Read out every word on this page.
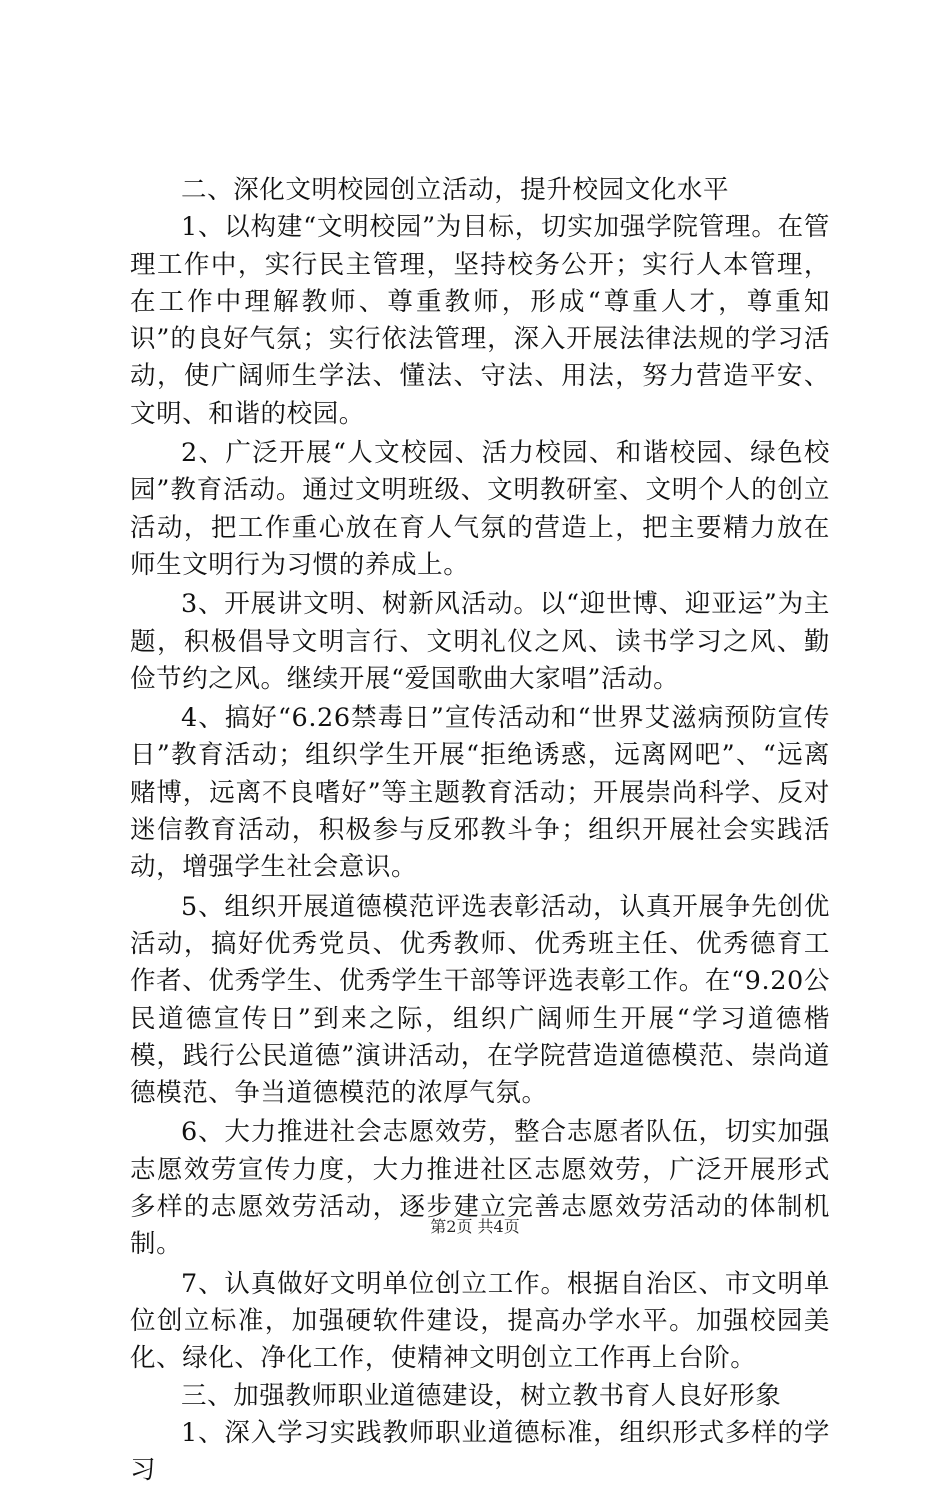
二、深化文明校园创立活动，提升校园文化水平

1、以构建“文明校园”为目标，切实加强学院管理。在管理工作中，实行民主管理，坚持校务公开；实行人本管理，在工作中理解教师、尊重教师，形成“尊重人才，尊重知识”的良好气氛；实行依法管理，深入开展法律法规的学习活动，使广阔师生学法、懂法、守法、用法，努力营造平安、文明、和谐的校园。

2、广泛开展“人文校园、活力校园、和谐校园、绿色校园”教育活动。通过文明班级、文明教研室、文明个人的创立活动，把工作重心放在育人气氛的营造上，把主要精力放在师生文明行为习惯的养成上。

3、开展讲文明、树新风活动。以“迎世博、迎亚运”为主题，积极倡导文明言行、文明礼仪之风、读书学习之风、勤俭节约之风。继续开展“爱国歌曲大家唱”活动。

4、搞好“6.26禁毒日”宣传活动和“世界艾滋病预防宣传日”教育活动；组织学生开展“拒绝诱惑，远离网吧”、“远离赌博，远离不良嗜好”等主题教育活动；开展崇尚科学、反对迷信教育活动，积极参与反邪教斗争；组织开展社会实践活动，增强学生社会意识。

5、组织开展道德模范评选表彰活动，认真开展争先创优活动，搞好优秀党员、优秀教师、优秀班主任、优秀德育工作者、优秀学生、优秀学生干部等评选表彰工作。在“9.20公民道德宣传日”到来之际，组织广阔师生开展“学习道德楷模，践行公民道德”演讲活动，在学院营造道德模范、崇尚道德模范、争当道德模范的浓厚气氛。

6、大力推进社会志愿效劳，整合志愿者队伍，切实加强志愿效劳宣传力度，大力推进社区志愿效劳，广泛开展形式多样的志愿效劳活动，逐步建立完善志愿效劳活动的体制机制。

7、认真做好文明单位创立工作。根据自治区、市文明单位创立标准，加强硬软件建设，提高办学水平。加强校园美化、绿化、净化工作，使精神文明创立工作再上台阶。

三、加强教师职业道德建设，树立教书育人良好形象

1、深入学习实践教师职业道德标准，组织形式多样的学习

第2页 共4页
